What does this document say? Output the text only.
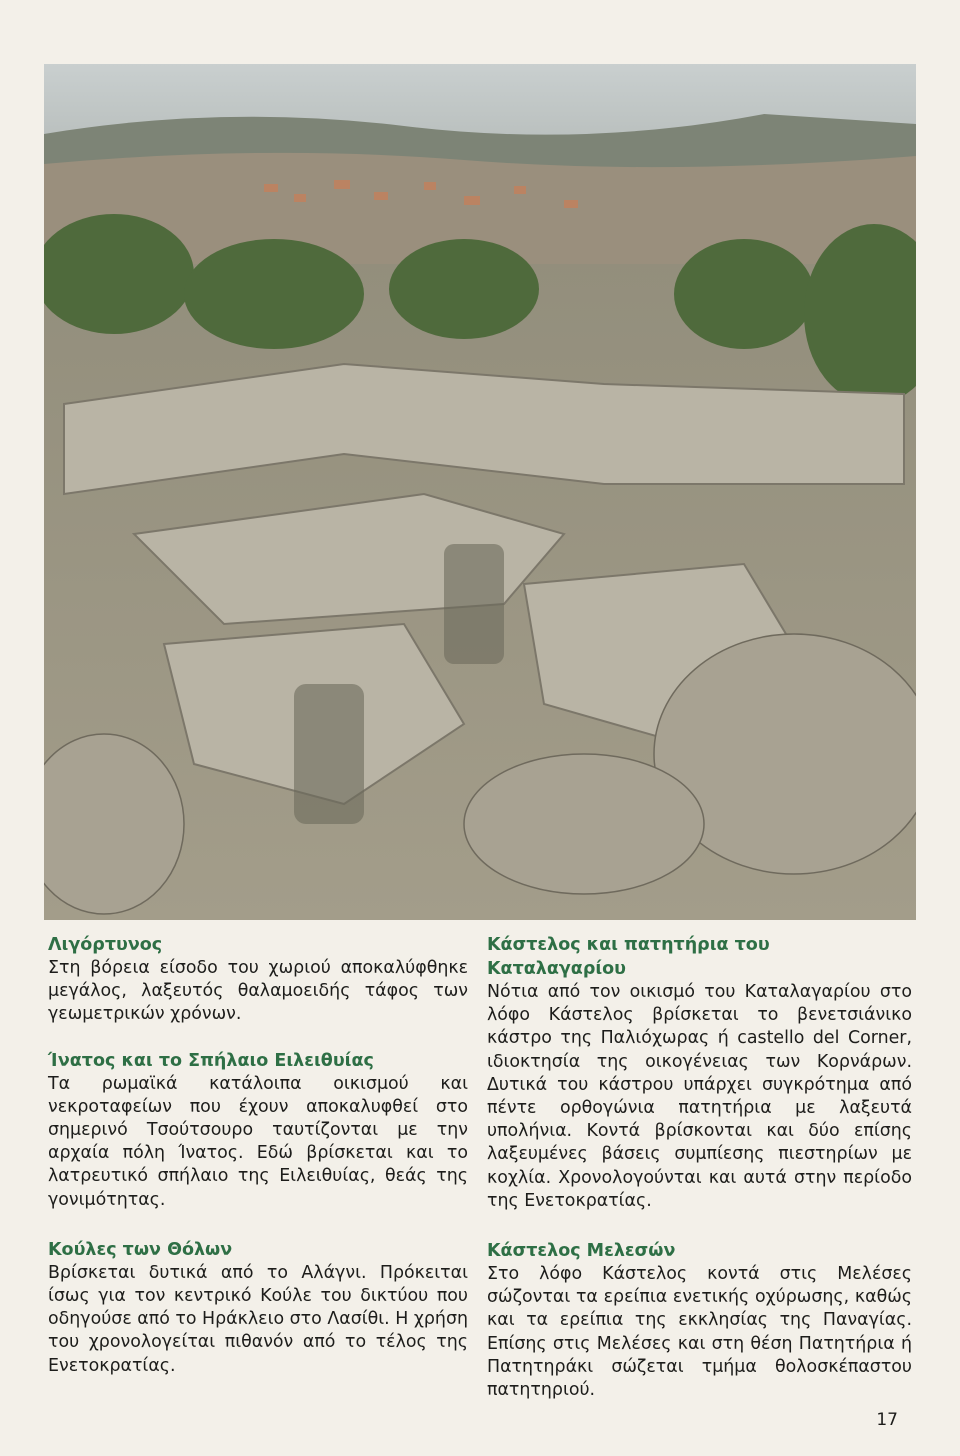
Λιγόρτυνος

Στη βόρεια είσοδο του χωριού αποκαλύφθηκε μεγάλος, λαξευτός θαλαμοειδής τάφος των γεωμετρικών χρόνων.

Ίνατος και το Σπήλαιο Ειλειθυίας

Τα ρωμαϊκά κατάλοιπα οικισμού και νεκροταφείων που έχουν αποκαλυφθεί στο σημερινό Τσούτσουρο ταυτίζονται με την αρχαία πόλη Ίνατος. Εδώ βρίσκεται και το λατρευτικό σπήλαιο της Ειλειθυίας, θεάς της γονιμότητας.

Κούλες των Θόλων

Βρίσκεται δυτικά από το Αλάγνι. Πρόκειται ίσως για τον κεντρικό Κούλε του δικτύου που οδηγούσε από το Ηράκλειο στο Λασίθι. Η χρήση του χρονολογείται πιθανόν από το τέλος της Ενετοκρατίας.

Κάστελος και πατητήρια του Καταλαγαρίου

Νότια από τον οικισμό του Καταλαγαρίου στο λόφο Κάστελος βρίσκεται το βενετσιάνικο κάστρο της Παλιόχωρας ή castello del Corner, ιδιοκτησία της οικογένειας των Κορνάρων. Δυτικά του κάστρου υπάρχει συγκρότημα από πέντε ορθογώνια πατητήρια με λαξευτά υπολήνια. Κοντά βρίσκονται και δύο επίσης λαξευμένες βάσεις συμπίεσης πιεστηρίων με κοχλία. Χρονολογούνται και αυτά στην περίοδο της Ενετοκρατίας.

Κάστελος Μελεσών

Στο λόφο Κάστελος κοντά στις Μελέσες σώζονται τα ερείπια ενετικής οχύρωσης, καθώς και τα ερείπια της εκκλησίας της Παναγίας. Επίσης στις Μελέσες και στη θέση Πατητήρια ή Πατητηράκι σώζεται τμήμα θολοσκέπαστου πατητηριού.

17
